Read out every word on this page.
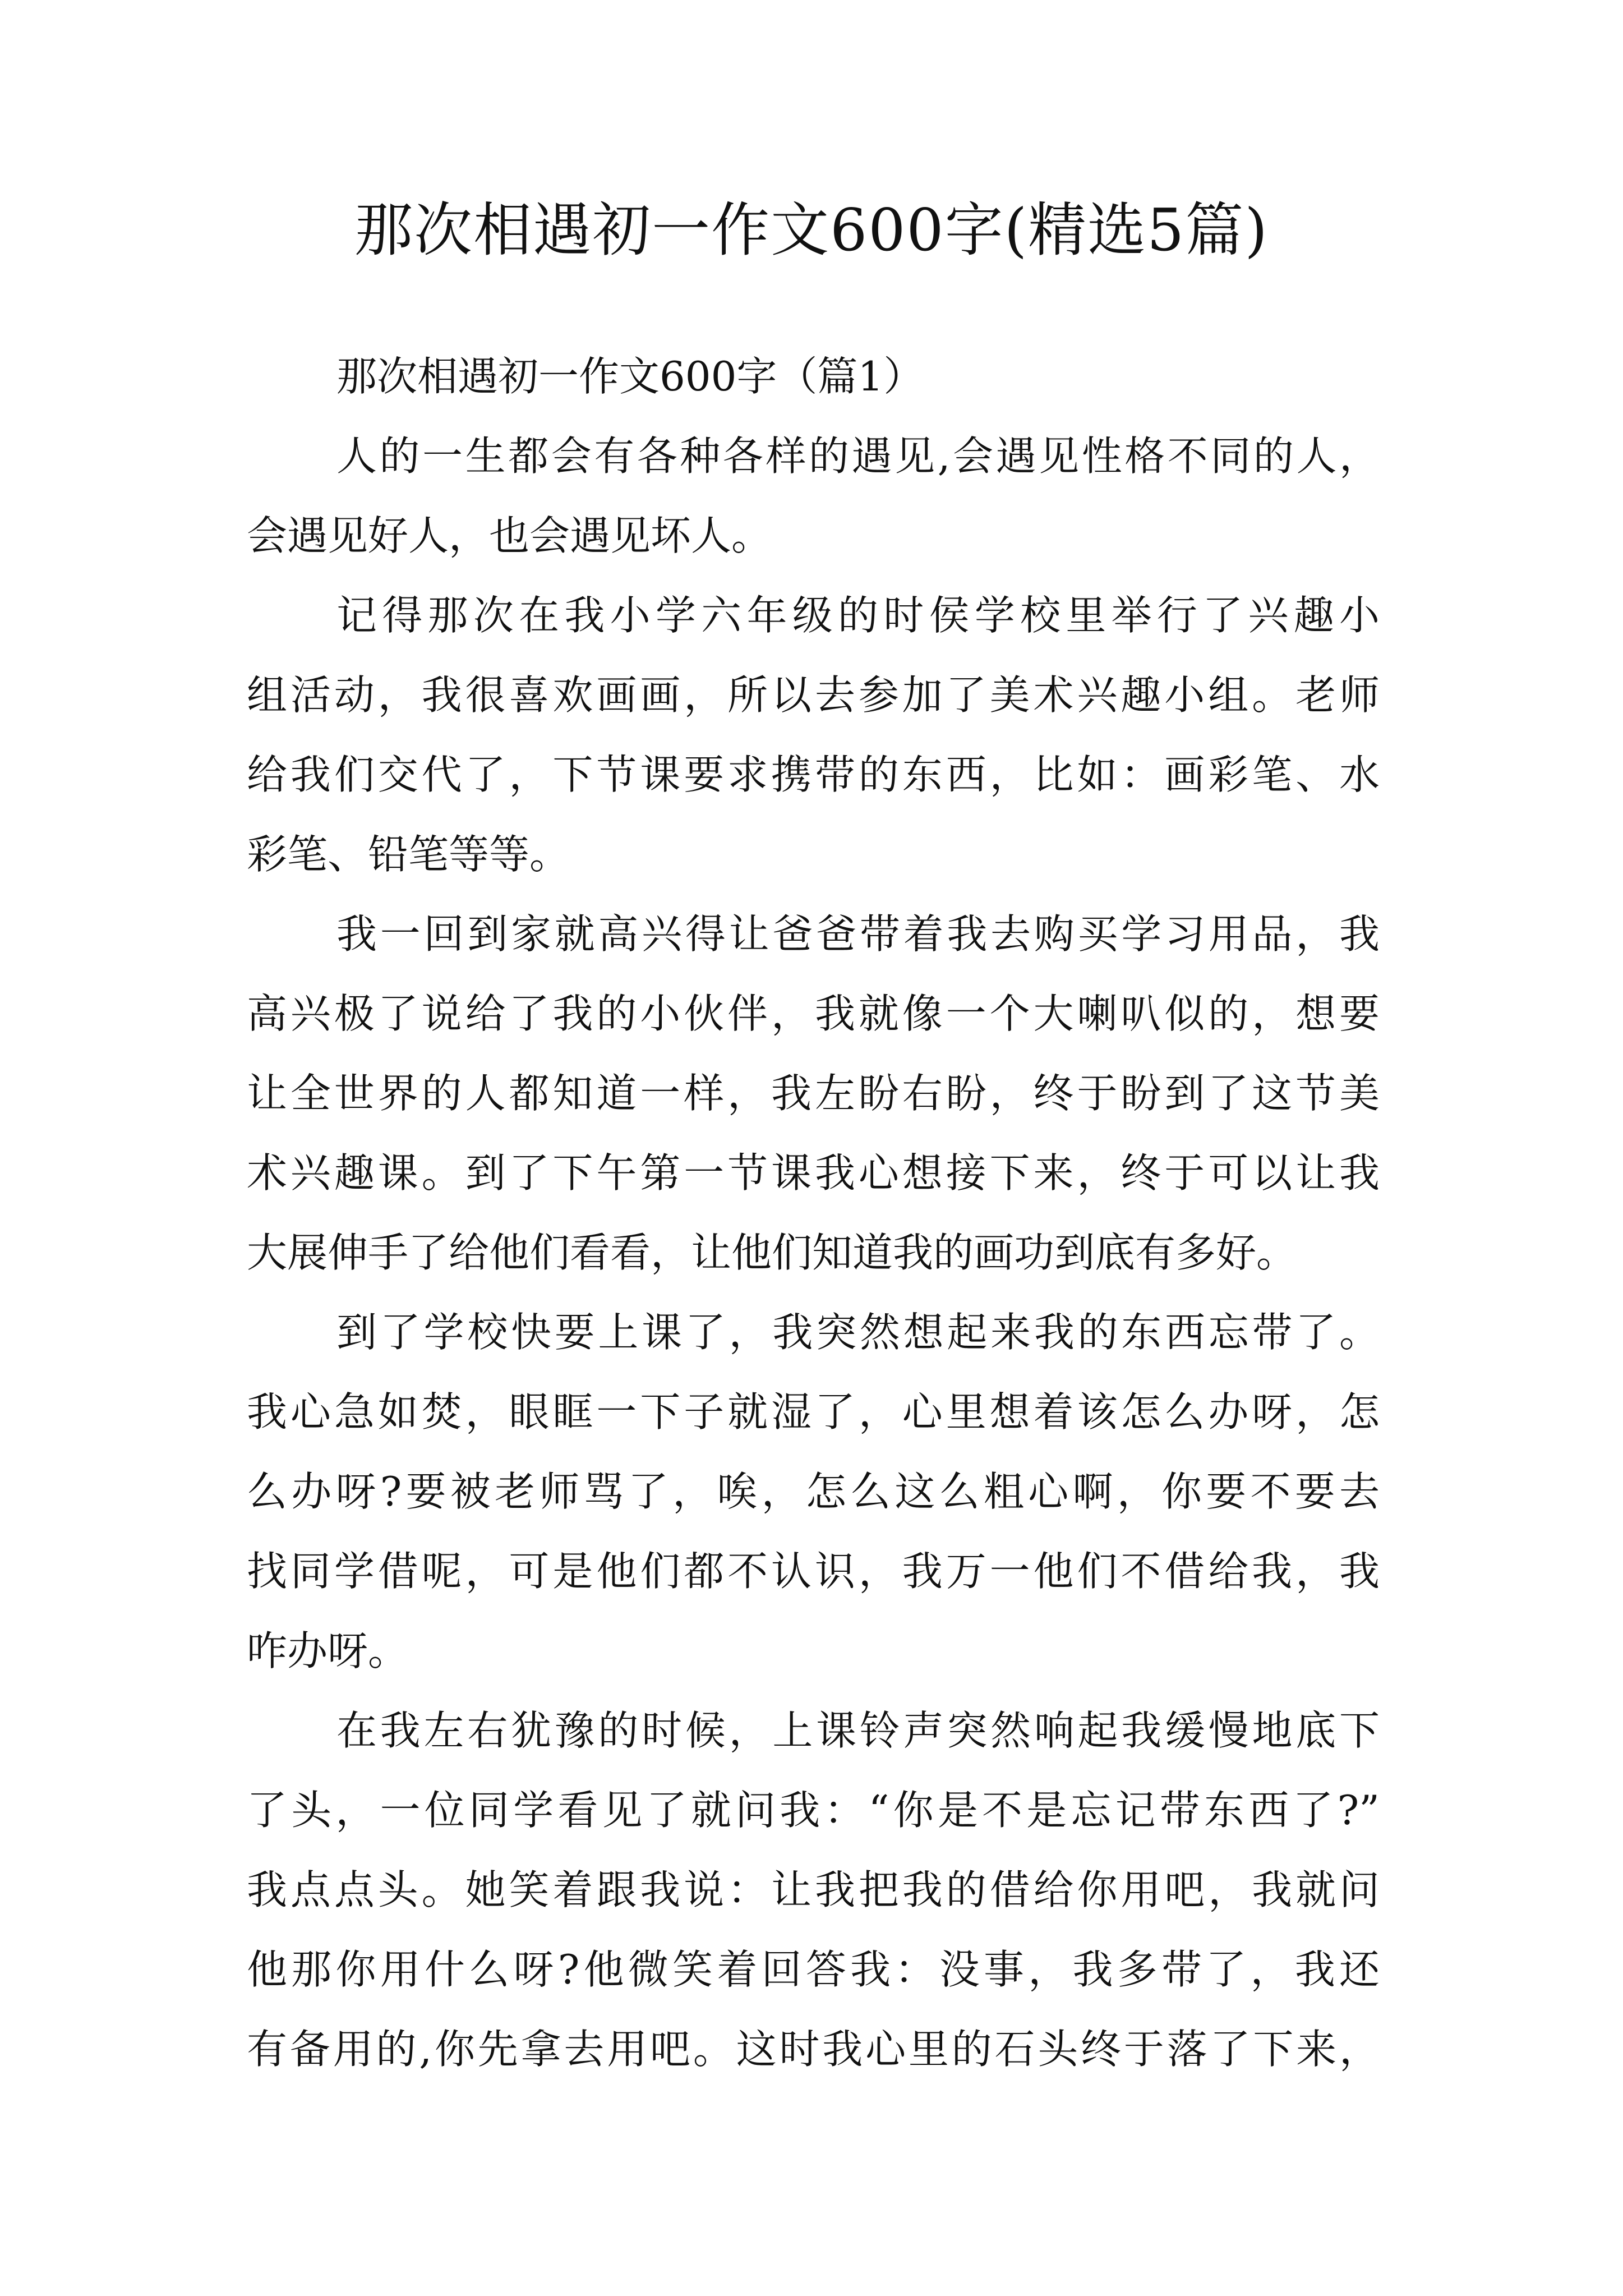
那次相遇初一作文600字(精选5篇)
那次相遇初一作文600字（篇1）
人的一生都会有各种各样的遇见,会遇见性格不同的人，
会遇见好人，也会遇见坏人。
记得那次在我小学六年级的时侯学校里举行了兴趣小
组活动，我很喜欢画画，所以去参加了美术兴趣小组。老师
给我们交代了，下节课要求携带的东西，比如：画彩笔、水
彩笔、铅笔等等。
我一回到家就高兴得让爸爸带着我去购买学习用品，我
高兴极了说给了我的小伙伴，我就像一个大喇叭似的，想要
让全世界的人都知道一样，我左盼右盼，终于盼到了这节美
术兴趣课。到了下午第一节课我心想接下来，终于可以让我
大展伸手了给他们看看，让他们知道我的画功到底有多好。
到了学校快要上课了，我突然想起来我的东西忘带了。
我心急如焚，眼眶一下子就湿了，心里想着该怎么办呀，怎
么办呀?要被老师骂了，唉，怎么这么粗心啊，你要不要去
找同学借呢，可是他们都不认识，我万一他们不借给我，我
咋办呀。
在我左右犹豫的时候，上课铃声突然响起我缓慢地底下
了头，一位同学看见了就问我：“你是不是忘记带东西了?”
我点点头。她笑着跟我说：让我把我的借给你用吧，我就问
他那你用什么呀?他微笑着回答我：没事，我多带了，我还
有备用的,你先拿去用吧。这时我心里的石头终于落了下来，
